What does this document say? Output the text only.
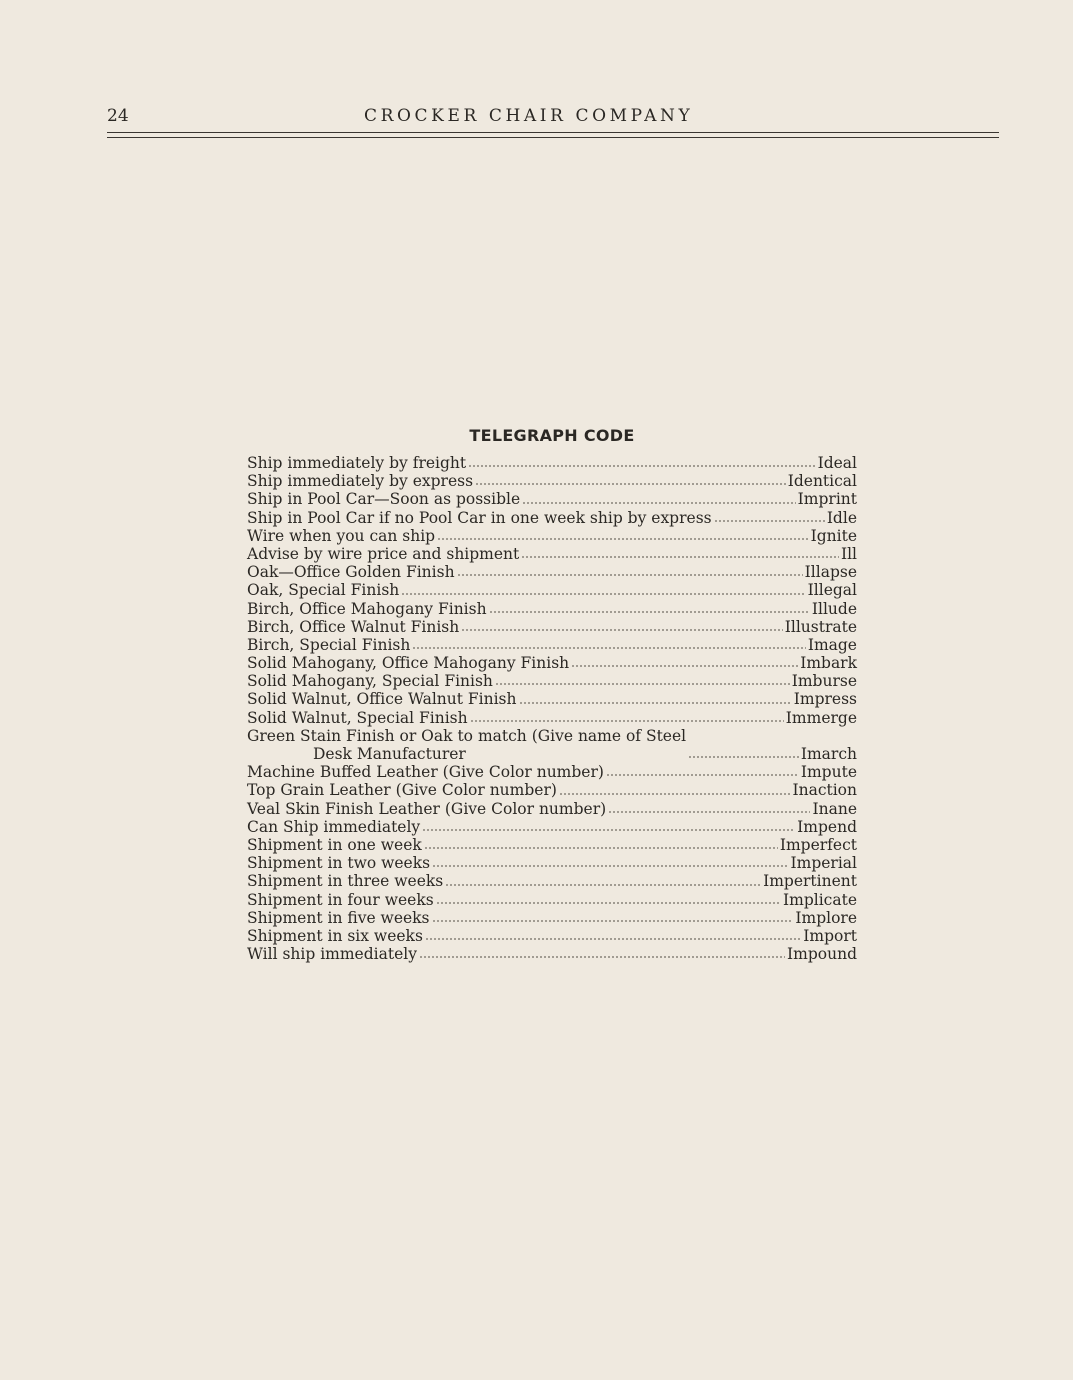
24	CROCKER CHAIR COMPANY
TELEGRAPH CODE
Ship immediately by freight	Ideal
Ship immediately by express	Identical
Ship in Pool Car—Soon as possible	Imprint
Ship in Pool Car if no Pool Car in one week ship by express	Idle
Wire when you can ship	Ignite
Advise by wire price and shipment	Ill
Oak—Office Golden Finish	Illapse
Oak, Special Finish	Illegal
Birch, Office Mahogany Finish	Illude
Birch, Office Walnut Finish	Illustrate
Birch, Special Finish	Image
Solid Mahogany, Office Mahogany Finish	Imbark
Solid Mahogany, Special Finish	Imburse
Solid Walnut, Office Walnut Finish	Impress
Solid Walnut, Special Finish	Immerge
Green Stain Finish or Oak to match (Give name of Steel
Desk Manufacturer	Imarch
Machine Buffed Leather (Give Color number)	Impute
Top Grain Leather (Give Color number)	Inaction
Veal Skin Finish Leather (Give Color number)	Inane
Can Ship immediately	Impend
Shipment in one week	Imperfect
Shipment in two weeks	Imperial
Shipment in three weeks	Impertinent
Shipment in four weeks	Implicate
Shipment in five weeks	Implore
Shipment in six weeks	Import
Will ship immediately	Impound
